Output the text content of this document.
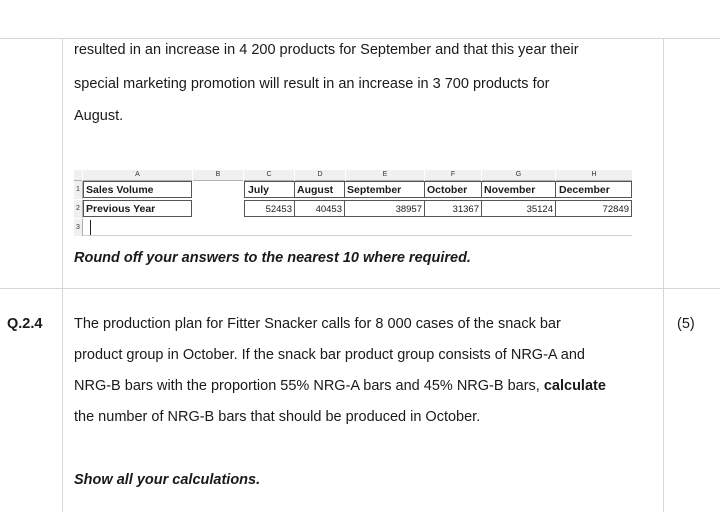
resulted in an increase in 4 200 products for September and that this year their
special marketing promotion will result in an increase in 3 700 products for
August.
A	B	C	D	E	F	G	H
1
2
3
Sales Volume	July	August	September	October	November	December
Previous Year	52453	40453	38957	31367	35124	72849
Round off your answers to the nearest 10 where required.
Q.2.4	(5)
The production plan for Fitter Snacker calls for 8 000 cases of the snack bar
product group in October. If the snack bar product group consists of NRG-A and
NRG-B bars with the proportion 55% NRG-A bars and 45% NRG-B bars, calculate
the number of NRG-B bars that should be produced in October.
Show all your calculations.
